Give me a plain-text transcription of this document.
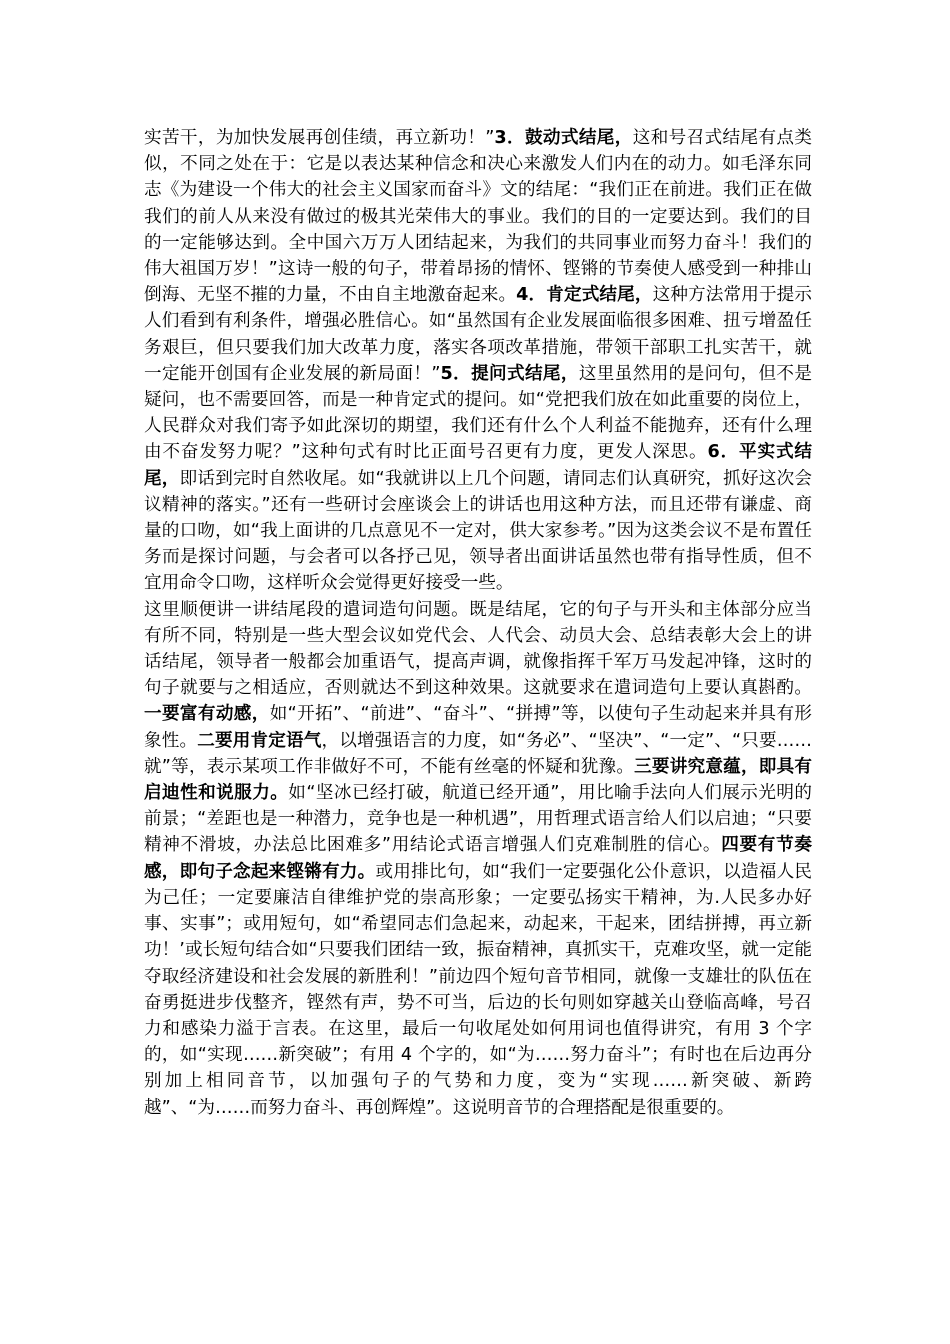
实苦干，为加快发展再创佳绩，再立新功！”3．鼓动式结尾，这和号召式结尾有点类似，不同之处在于：它是以表达某种信念和决心来激发人们内在的动力。如毛泽东同志《为建设一个伟大的社会主义国家而奋斗》文的结尾：“我们正在前进。我们正在做我们的前人从来没有做过的极其光荣伟大的事业。我们的目的一定要达到。我们的目的一定能够达到。全中国六万万人团结起来，为我们的共同事业而努力奋斗！我们的伟大祖国万岁！”这诗一般的句子，带着昂扬的情怀、铿锵的节奏使人感受到一种排山倒海、无坚不摧的力量，不由自主地激奋起来。4．肯定式结尾，这种方法常用于提示人们看到有利条件，增强必胜信心。如“虽然国有企业发展面临很多困难、扭亏增盈任务艰巨，但只要我们加大改革力度，落实各项改革措施，带领干部职工扎实苦干，就一定能开创国有企业发展的新局面！”5．提问式结尾，这里虽然用的是问句，但不是疑问，也不需要回答，而是一种肯定式的提问。如“党把我们放在如此重要的岗位上，人民群众对我们寄予如此深切的期望，我们还有什么个人利益不能抛弃，还有什么理由不奋发努力呢？”这种句式有时比正面号召更有力度，更发人深思。6．平实式结尾，即话到完时自然收尾。如“我就讲以上几个问题，请同志们认真研究，抓好这次会议精神的落实。”还有一些研讨会座谈会上的讲话也用这种方法，而且还带有谦虚、商量的口吻，如“我上面讲的几点意见不一定对，供大家参考。”因为这类会议不是布置任务而是探讨问题，与会者可以各抒己见，领导者出面讲话虽然也带有指导性质，但不宜用命令口吻，这样听众会觉得更好接受一些。

这里顺便讲一讲结尾段的遣词造句问题。既是结尾，它的句子与开头和主体部分应当有所不同，特别是一些大型会议如党代会、人代会、动员大会、总结表彰大会上的讲话结尾，领导者一般都会加重语气，提高声调，就像指挥千军万马发起冲锋，这时的句子就要与之相适应，否则就达不到这种效果。这就要求在遣词造句上要认真斟酌。一要富有动感，如“开拓”、“前进”、“奋斗”、“拼搏”等，以使句子生动起来并具有形象性。二要用肯定语气，以增强语言的力度，如“务必”、“坚决”、“一定”、“只要……就”等，表示某项工作非做好不可，不能有丝毫的怀疑和犹豫。三要讲究意蕴，即具有启迪性和说服力。如“坚冰已经打破，航道已经开通”，用比喻手法向人们展示光明的前景；“差距也是一种潜力，竞争也是一种机遇”，用哲理式语言给人们以启迪；“只要精神不滑坡，办法总比困难多”用结论式语言增强人们克难制胜的信心。四要有节奏感，即句子念起来铿锵有力。或用排比句，如“我们一定要强化公仆意识，以造福人民为己任；一定要廉洁自律维护党的崇高形象；一定要弘扬实干精神，为.人民多办好事、实事”；或用短句，如“希望同志们急起来，动起来，干起来，团结拼搏，再立新功！’或长短句结合如“只要我们团结一致，振奋精神，真抓实干，克难攻坚，就一定能夺取经济建设和社会发展的新胜利！”前边四个短句音节相同，就像一支雄壮的队伍在奋勇挺进步伐整齐，铿然有声，势不可当，后边的长句则如穿越关山登临高峰，号召力和感染力溢于言表。在这里，最后一句收尾处如何用词也值得讲究，有用 3 个字的，如“实现……新突破”；有用 4 个字的，如“为……努力奋斗”；有时也在后边再分别加上相同音节，以加强句子的气势和力度，变为“实现……新突破、新跨越”、“为……而努力奋斗、再创辉煌”。这说明音节的合理搭配是很重要的。
